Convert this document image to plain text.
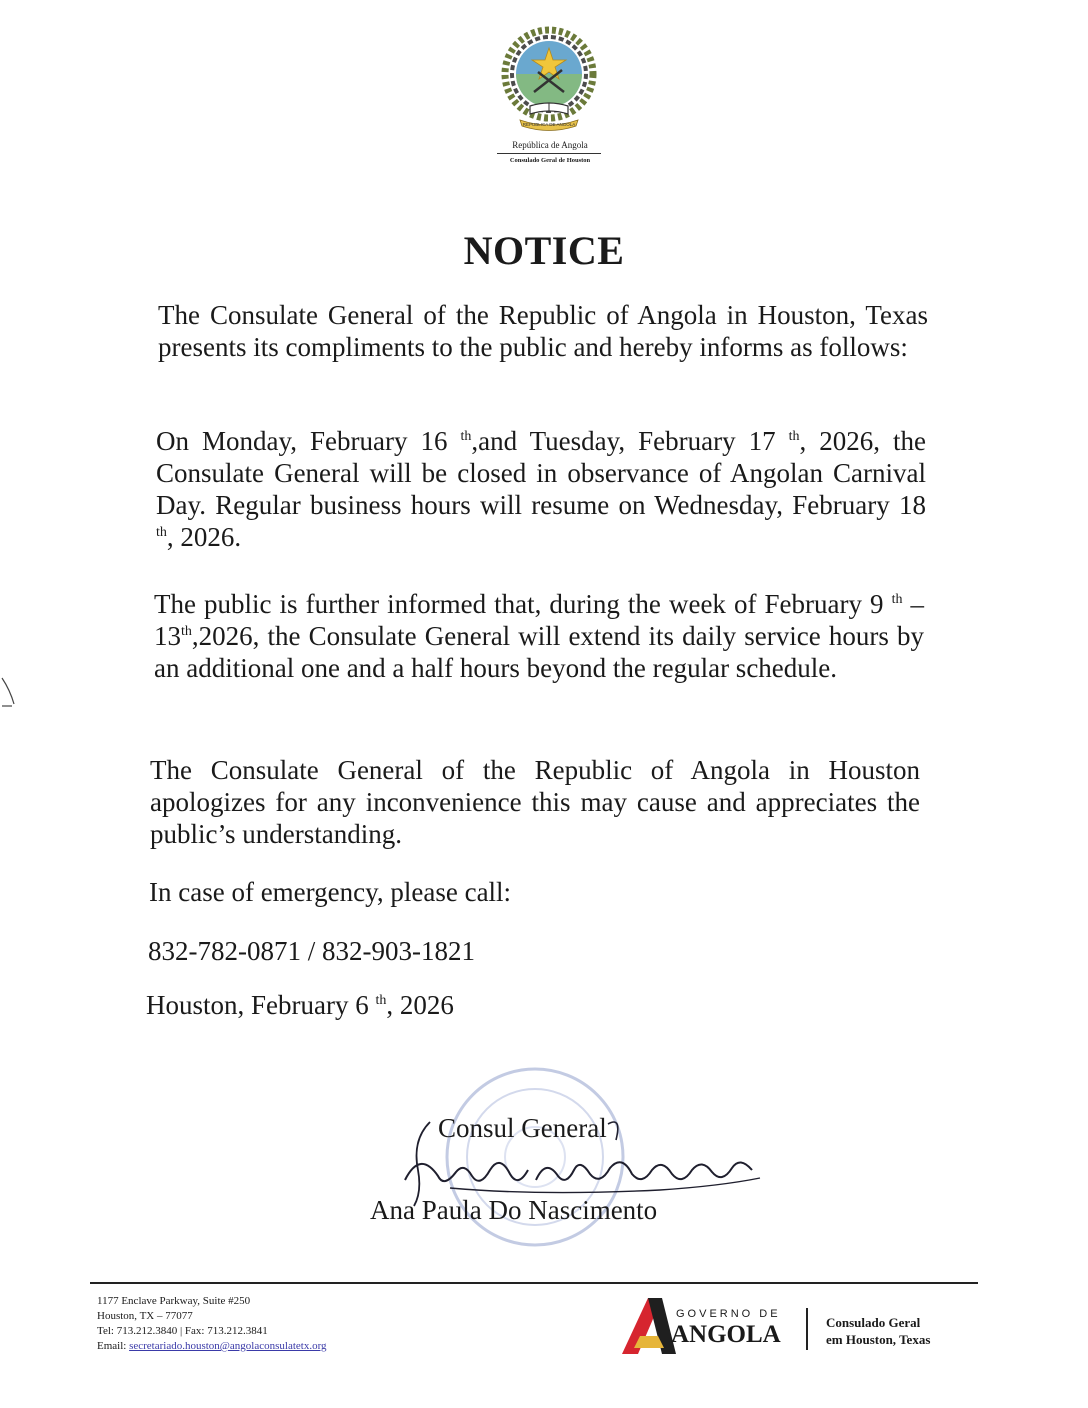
REPUBLICA DE ANGOLA
República de Angola
Consulado Geral de Houston
NOTICE

The Consulate General of the Republic of Angola in Houston, Texas presents its compliments to the public and hereby informs as follows:

On Monday, February 16 $^{th}$,and Tuesday, February 17 $^{th}$, 2026, the Consulate General will be closed in observance of Angolan Carnival Day. Regular business hours will resume on Wednesday, February 18 $^{th}$, 2026.

The public is further informed that, during the week of February 9 $^{th}$ –13th,2026, the Consulate General will extend its daily service hours by an additional one and a half hours beyond the regular schedule.

The Consulate General of the Republic of Angola in Houston apologizes for any inconvenience this may cause and appreciates the public’s understanding.

In case of emergency, please call:
832-782-0871 / 832-903-1821
Houston, February 6 $^{th}$, 2026
Consul General
Ana Paula Do Nascimento
1177 Enclave Parkway, Suite #250
Houston, TX – 77077
Tel: 713.212.3840 | Fax: 713.212.3841
Email: secretariado.houston@angolaconsulatetx.org
GOVERNO DE
ANGOLA	Consulado Geral
em Houston, Texas
